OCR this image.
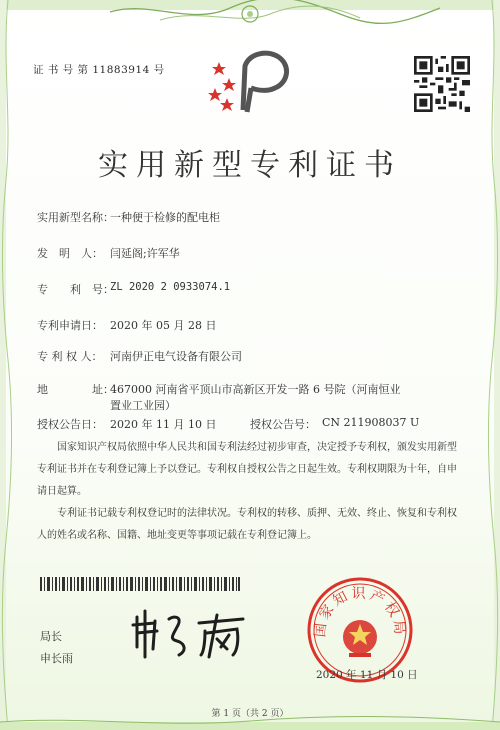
证 书 号 第 11883914 号
实用新型专利证书
实用新型名称：
一种便于检修的配电柜
发　明　人： 闫延阁;许军华
专　　利　号：
ZL 2020 2 0933074.1
专利申请日： 2020 年 05 月 28 日
专 利 权 人： 河南伊正电气设备有限公司
地　　　　址：
467000 河南省平顶山市高新区开发一路 6 号院（河南恒业
置业工业园）
授权公告日： 2020 年 11 月 10 日	授权公告号： CN 211908037 U
国家知识产权局依照中华人民共和国专利法经过初步审查，决定授予专利权，颁发实用新型专利证书并在专利登记簿上予以登记。专利权自授权公告之日起生效。专利权期限为十年，自申请日起算。
专利证书记载专利权登记时的法律状况。专利权的转移、质押、无效、终止、恢复和专利权人的姓名或名称、国籍、地址变更等事项记载在专利登记簿上。
局长
申长雨
国家知识产权局
2020 年 11 月 10 日
第 1 页（共 2 页）
